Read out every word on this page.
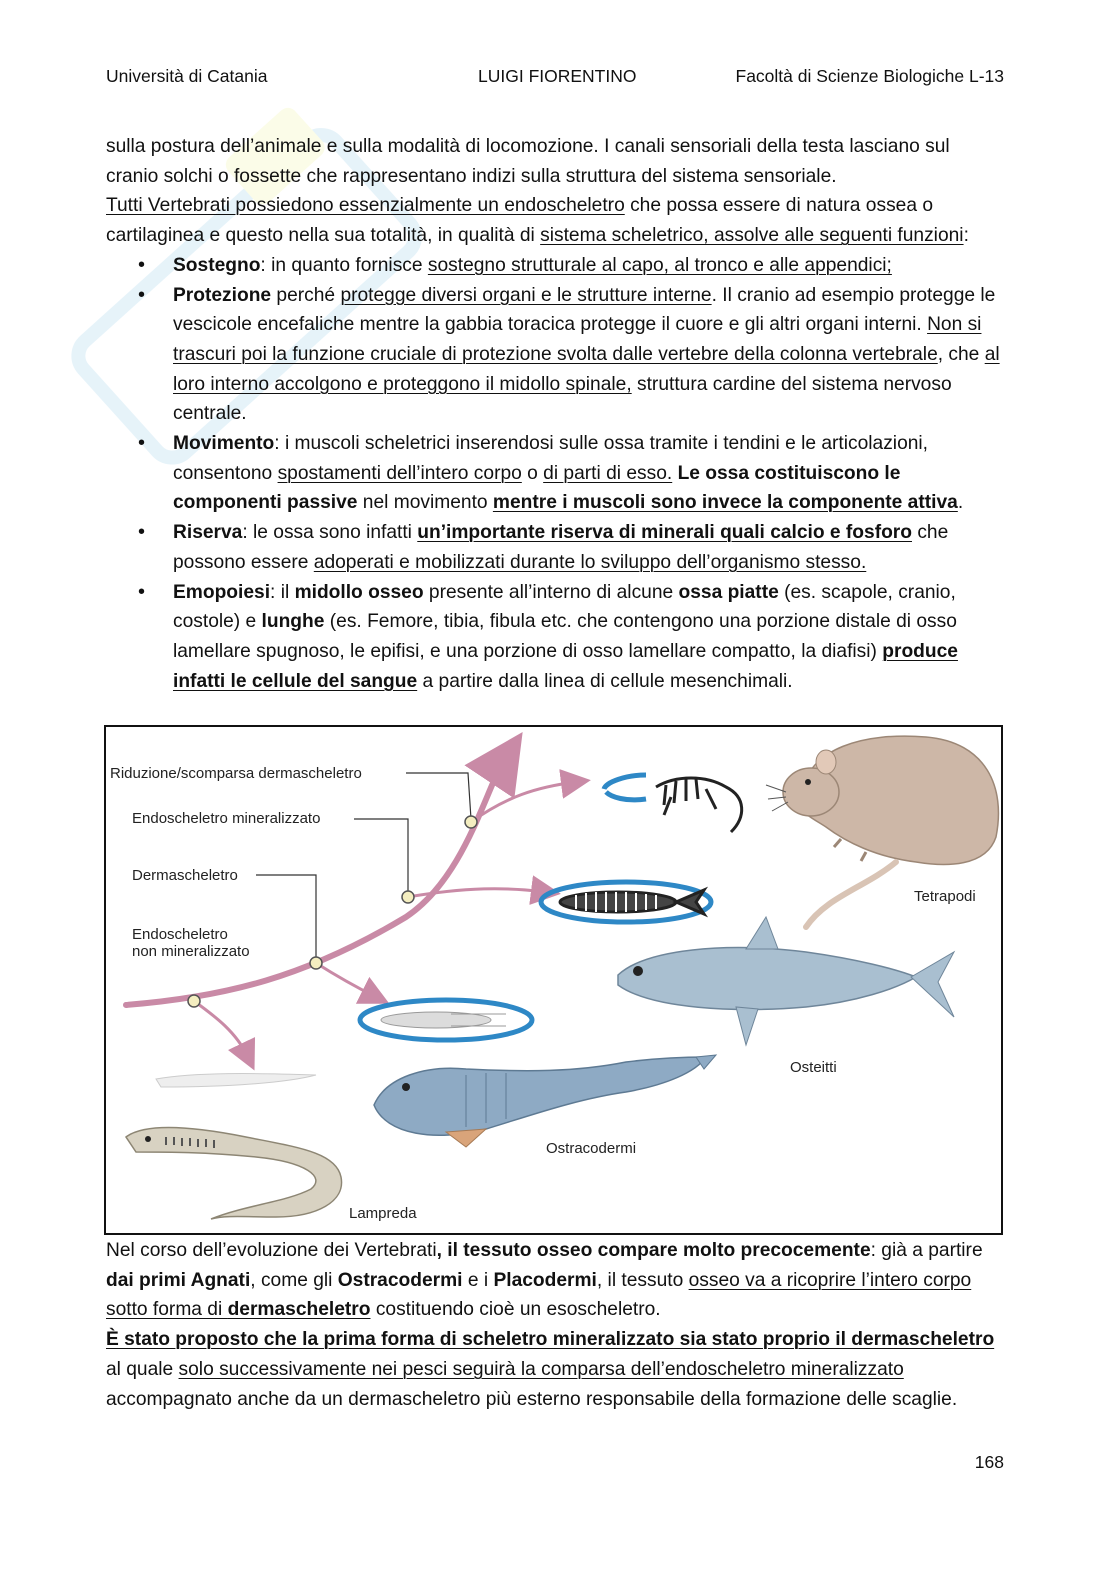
Università di Catania	LUIGI FIORENTINO	Facoltà di Scienze Biologiche L-13

sulla postura dell’animale e sulla modalità di locomozione. I canali sensoriali della testa lasciano sul cranio solchi o fossette che rappresentano indizi sulla struttura del sistema sensoriale.

Tutti Vertebrati possiedono essenzialmente un endoscheletro che possa essere di natura ossea o cartilaginea e questo nella sua totalità, in qualità di sistema scheletrico, assolve alle seguenti funzioni:

• Sostegno: in quanto fornisce sostegno strutturale al capo, al tronco e alle appendici;
• Protezione perché protegge diversi organi e le strutture interne. Il cranio ad esempio protegge le vescicole encefaliche mentre la gabbia toracica protegge il cuore e gli altri organi interni. Non si trascuri poi la funzione cruciale di protezione svolta dalle vertebre della colonna vertebrale, che al loro interno accolgono e proteggono il midollo spinale, struttura cardine del sistema nervoso centrale.
• Movimento: i muscoli scheletrici inserendosi sulle ossa tramite i tendini e le articolazioni, consentono spostamenti dell’intero corpo o di parti di esso. Le ossa costituiscono le componenti passive nel movimento mentre i muscoli sono invece la componente attiva.
• Riserva: le ossa sono infatti un’importante riserva di minerali quali calcio e fosforo che possono essere adoperati e mobilizzati durante lo sviluppo dell’organismo stesso.
• Emopoiesi: il midollo osseo presente all’interno di alcune ossa piatte (es. scapole, cranio, costole) e lunghe (es. Femore, tibia, fibula etc. che contengono una porzione distale di osso lamellare spugnoso, le epifisi, e una porzione di osso lamellare compatto, la diafisi) produce infatti le cellule del sangue a partire dalla linea di cellule mesenchimali.
Riduzione/scomparsa dermascheletro
Endoscheletro mineralizzato
Dermascheletro
Endoscheletro
non mineralizzato
Tetrapodi
Osteitti
Ostracodermi
Lampreda

Nel corso dell’evoluzione dei Vertebrati, il tessuto osseo compare molto precocemente: già a partire dai primi Agnati, come gli Ostracodermi e i Placodermi, il tessuto osseo va a ricoprire l’intero corpo sotto forma di dermascheletro costituendo cioè un esoscheletro.

È stato proposto che la prima forma di scheletro mineralizzato sia stato proprio il dermascheletro al quale solo successivamente nei pesci seguirà la comparsa dell’endoscheletro mineralizzato accompagnato anche da un dermascheletro più esterno responsabile della formazione delle scaglie.

168
